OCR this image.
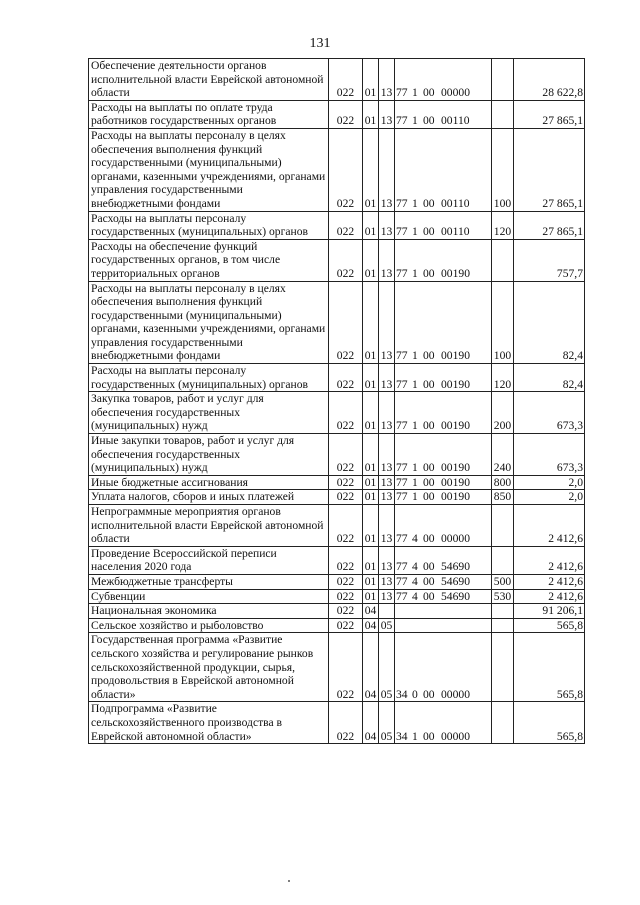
131
Обеспечение деятельности органов исполнительной власти Еврейской автономной области	022	01	13	77 1 00 00000		28 622,8
Расходы на выплаты по оплате труда работников государственных органов	022	01	13	77 1 00 00110		27 865,1
Расходы на выплаты персоналу в целях обеспечения выполнения функций государственными (муниципальными) органами, казенными учреждениями, органами управления государственными внебюджетными фондами	022	01	13	77 1 00 00110	100	27 865,1
Расходы на выплаты персоналу государственных (муниципальных) органов	022	01	13	77 1 00 00110	120	27 865,1
Расходы на обеспечение функций государственных органов, в том числе территориальных органов	022	01	13	77 1 00 00190		757,7
Расходы на выплаты персоналу в целях обеспечения выполнения функций государственными (муниципальными) органами, казенными учреждениями, органами управления государственными внебюджетными фондами	022	01	13	77 1 00 00190	100	82,4
Расходы на выплаты персоналу государственных (муниципальных) органов	022	01	13	77 1 00 00190	120	82,4
Закупка товаров, работ и услуг для обеспечения государственных (муниципальных) нужд	022	01	13	77 1 00 00190	200	673,3
Иные закупки товаров, работ и услуг для обеспечения государственных (муниципальных) нужд	022	01	13	77 1 00 00190	240	673,3
Иные бюджетные ассигнования	022	01	13	77 1 00 00190	800	2,0
Уплата налогов, сборов и иных платежей	022	01	13	77 1 00 00190	850	2,0
Непрограммные мероприятия органов исполнительной власти Еврейской автономной области	022	01	13	77 4 00 00000		2 412,6
Проведение Всероссийской переписи населения 2020 года	022	01	13	77 4 00 54690		2 412,6
Межбюджетные трансферты	022	01	13	77 4 00 54690	500	2 412,6
Субвенции	022	01	13	77 4 00 54690	530	2 412,6
Национальная экономика	022	04				91 206,1
Сельское хозяйство и рыболовство	022	04	05			565,8
Государственная программа «Развитие сельского хозяйства и регулирование рынков сельскохозяйственной продукции, сырья, продовольствия в Еврейской автономной области»	022	04	05	34 0 00 00000		565,8
Подпрограмма «Развитие сельскохозяйственного производства в Еврейской автономной области»	022	04	05	34 1 00 00000		565,8
